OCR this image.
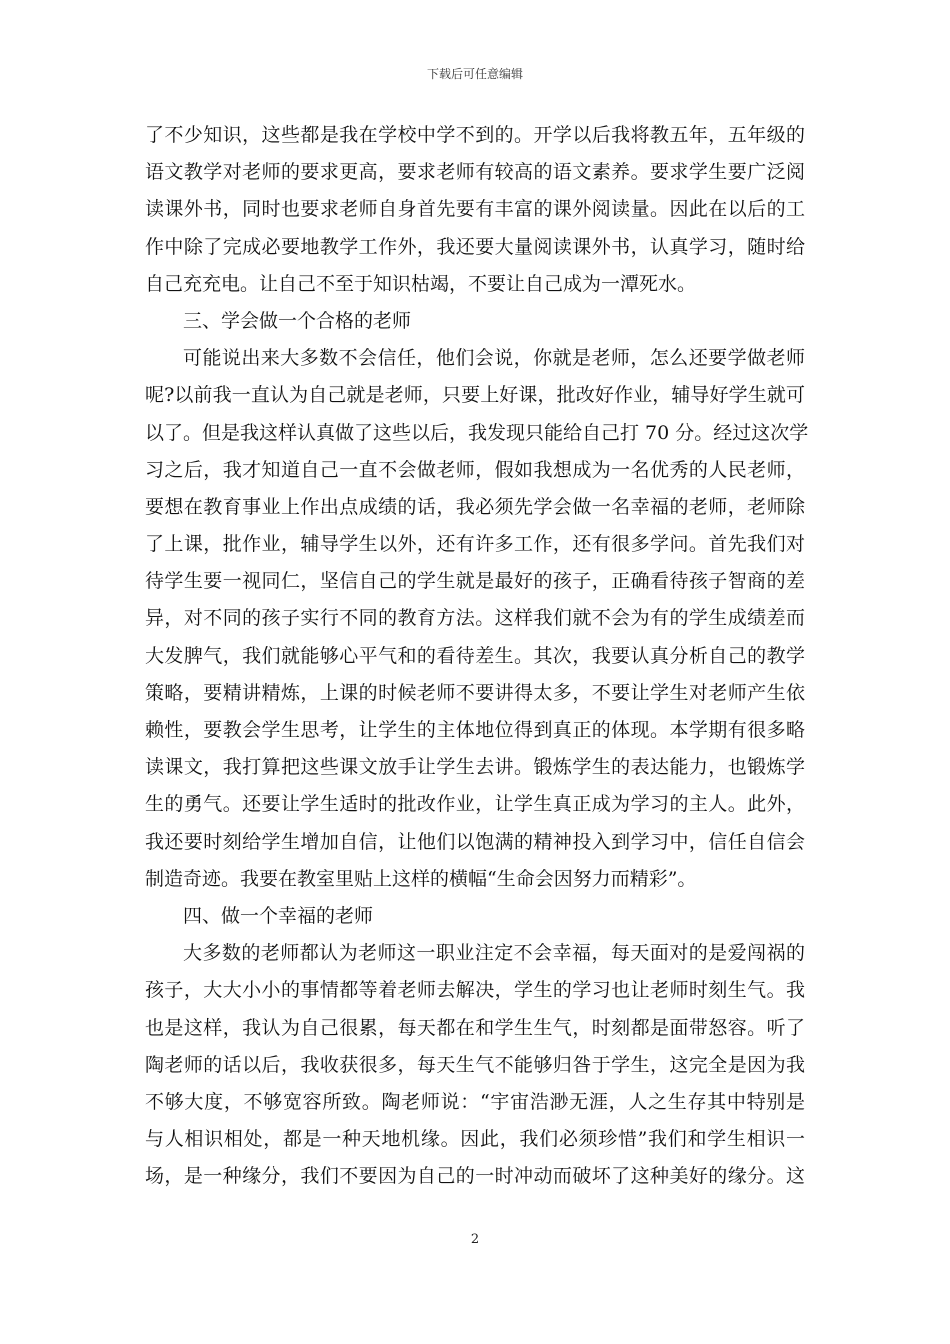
下载后可任意编辑
了不少知识，这些都是我在学校中学不到的。开学以后我将教五年，五年级的
语文教学对老师的要求更高，要求老师有较高的语文素养。要求学生要广泛阅
读课外书，同时也要求老师自身首先要有丰富的课外阅读量。因此在以后的工
作中除了完成必要地教学工作外，我还要大量阅读课外书，认真学习，随时给
自己充充电。让自己不至于知识枯竭，不要让自己成为一潭死水。
三、学会做一个合格的老师
可能说出来大多数不会信任，他们会说，你就是老师，怎么还要学做老师
呢?以前我一直认为自己就是老师，只要上好课，批改好作业，辅导好学生就可
以了。但是我这样认真做了这些以后，我发现只能给自己打 70 分。经过这次学
习之后，我才知道自己一直不会做老师，假如我想成为一名优秀的人民老师，
要想在教育事业上作出点成绩的话，我必须先学会做一名幸福的老师，老师除
了上课，批作业，辅导学生以外，还有许多工作，还有很多学问。首先我们对
待学生要一视同仁，坚信自己的学生就是最好的孩子，正确看待孩子智商的差
异，对不同的孩子实行不同的教育方法。这样我们就不会为有的学生成绩差而
大发脾气，我们就能够心平气和的看待差生。其次，我要认真分析自己的教学
策略，要精讲精炼，上课的时候老师不要讲得太多，不要让学生对老师产生依
赖性，要教会学生思考，让学生的主体地位得到真正的体现。本学期有很多略
读课文，我打算把这些课文放手让学生去讲。锻炼学生的表达能力，也锻炼学
生的勇气。还要让学生适时的批改作业，让学生真正成为学习的主人。此外，
我还要时刻给学生增加自信，让他们以饱满的精神投入到学习中，信任自信会
制造奇迹。我要在教室里贴上这样的横幅“生命会因努力而精彩”。
四、做一个幸福的老师
大多数的老师都认为老师这一职业注定不会幸福，每天面对的是爱闯祸的
孩子，大大小小的事情都等着老师去解决，学生的学习也让老师时刻生气。我
也是这样，我认为自己很累，每天都在和学生生气，时刻都是面带怒容。听了
陶老师的话以后，我收获很多，每天生气不能够归咎于学生，这完全是因为我
不够大度，不够宽容所致。陶老师说：“宇宙浩渺无涯，人之生存其中特别是
与人相识相处，都是一种天地机缘。因此，我们必须珍惜”我们和学生相识一
场，是一种缘分，我们不要因为自己的一时冲动而破坏了这种美好的缘分。这
2
